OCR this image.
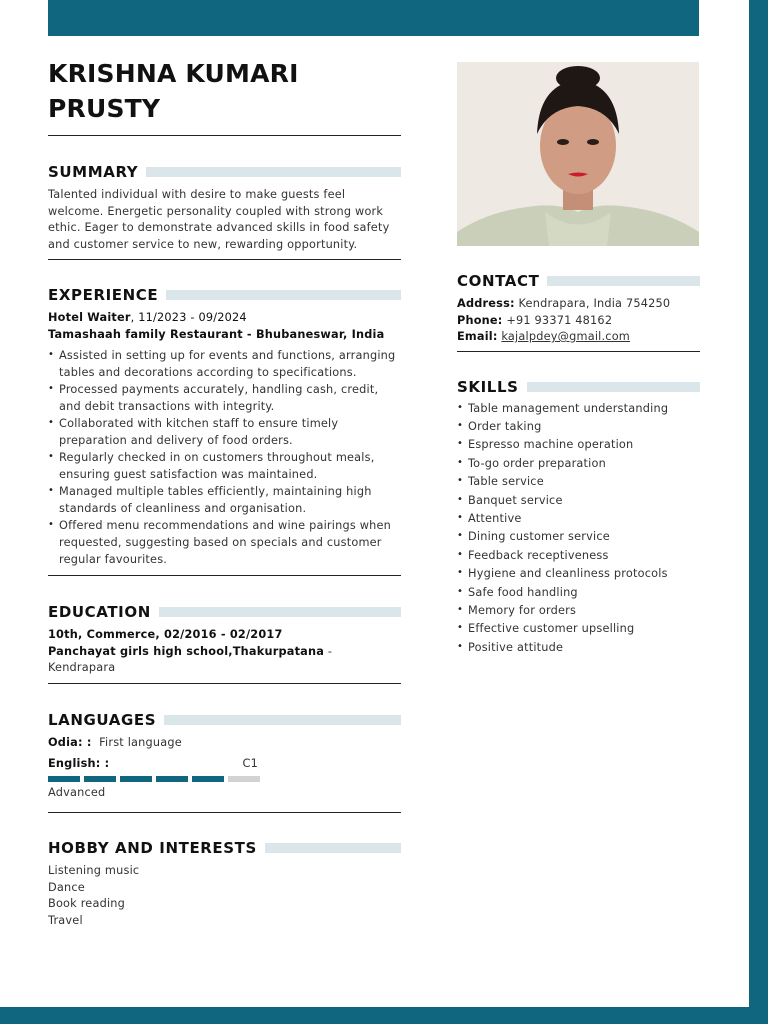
KRISHNA KUMARI
PRUSTY
SUMMARY
Talented individual with desire to make guests feel welcome. Energetic personality coupled with strong work ethic. Eager to demonstrate advanced skills in food safety and customer service to new, rewarding opportunity.
EXPERIENCE
Hotel Waiter, 11/2023 - 09/2024
Tamashaah family Restaurant - Bhubaneswar, India
• Assisted in setting up for events and functions, arranging tables and decorations according to specifications.
• Processed payments accurately, handling cash, credit, and debit transactions with integrity.
• Collaborated with kitchen staff to ensure timely preparation and delivery of food orders.
• Regularly checked in on customers throughout meals, ensuring guest satisfaction was maintained.
• Managed multiple tables efficiently, maintaining high standards of cleanliness and organisation.
• Offered menu recommendations and wine pairings when requested, suggesting based on specials and customer regular favourites.
EDUCATION
10th, Commerce, 02/2016 - 02/2017
Panchayat girls high school,Thakurpatana -
Kendrapara
LANGUAGES
Odia: : First language
English: :	C1
Advanced
HOBBY AND INTERESTS
Listening music
Dance
Book reading
Travel
CONTACT
Address: Kendrapara, India 754250
Phone: +91 93371 48162
Email: kajalpdey@gmail.com
SKILLS
• Table management understanding
• Order taking
• Espresso machine operation
• To-go order preparation
• Table service
• Banquet service
• Attentive
• Dining customer service
• Feedback receptiveness
• Hygiene and cleanliness protocols
• Safe food handling
• Memory for orders
• Effective customer upselling
• Positive attitude
